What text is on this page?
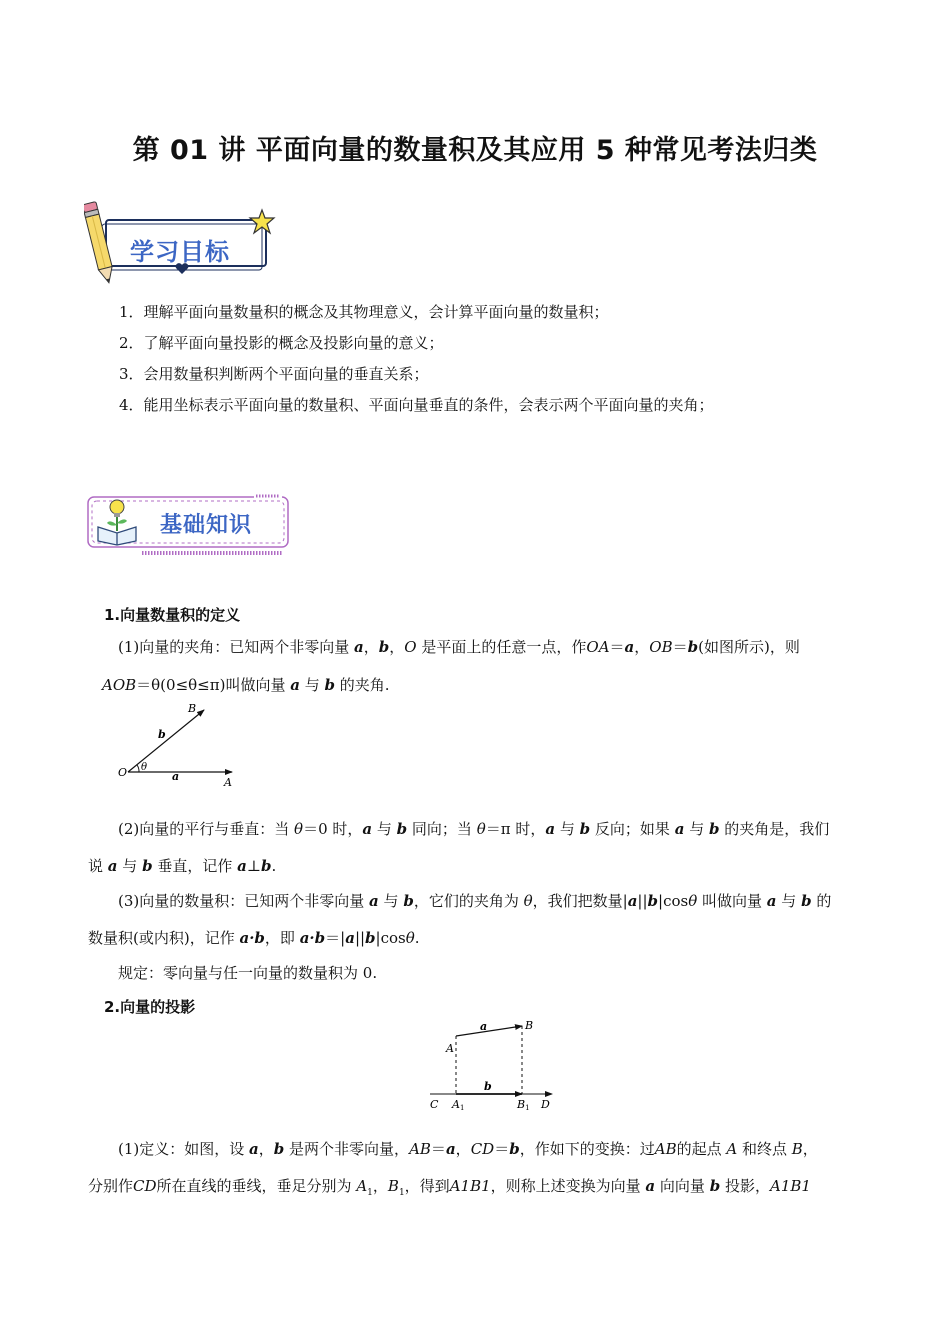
第 01 讲 平面向量的数量积及其应用 5 种常见考法归类
学习目标
1．理解平面向量数量积的概念及其物理意义，会计算平面向量的数量积；
2．了解平面向量投影的概念及投影向量的意义；
3．会用数量积判断两个平面向量的垂直关系；
4．能用坐标表示平面向量的数量积、平面向量垂直的条件，会表示两个平面向量的夹角；
基础知识
1.向量数量积的定义
(1)向量的夹角：已知两个非零向量 a，b，O 是平面上的任意一点，作OA＝a，OB＝b(如图所示)，则
AOB＝θ(0≤θ≤π)叫做向量 a 与 b 的夹角.
B
b
O θ
a	A
(2)向量的平行与垂直：当 θ＝0 时，a 与 b 同向；当 θ＝π 时，a 与 b 反向；如果 a 与 b 的夹角是，我们
说 a 与 b 垂直，记作 a⊥b.
(3)向量的数量积：已知两个非零向量 a 与 b，它们的夹角为 θ，我们把数量|a||b|cosθ 叫做向量 a 与 b 的
数量积(或内积)，记作 a·b，即 a·b＝|a||b|cosθ.
规定：零向量与任一向量的数量积为 0.
2.向量的投影
a	B
A
b
C A1	B1 D
(1)定义：如图，设 a，b 是两个非零向量，AB＝a，CD＝b，作如下的变换：过AB的起点 A 和终点 B，
分别作CD所在直线的垂线，垂足分别为 $A_1$，$B_1$，得到A1B1，则称上述变换为向量 a 向向量 b 投影，A1B1
